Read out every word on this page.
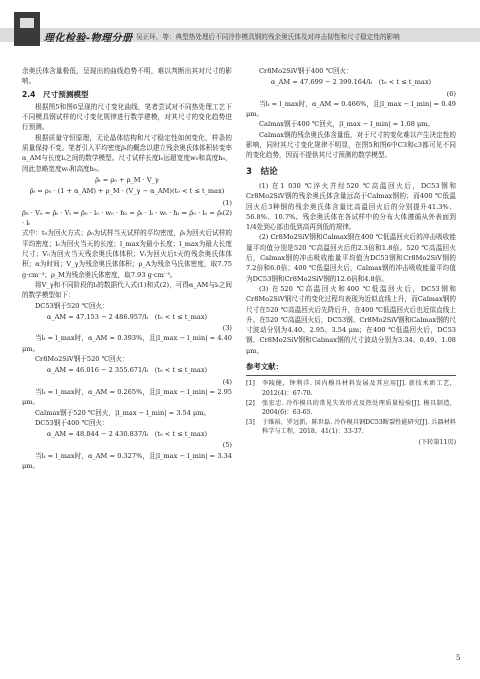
理化检验-物理分册 吴正环，等：典型热处理后不同冷作模具钢的残余奥氏体及对冲击韧性和尺寸稳定性的影响

余奥氏体含量极低，呈现出的曲线趋势不明，难以判断出其对尺寸的影响。

2.4　尺寸预测模型

根据图5和图6呈现的尺寸变化曲线，笔者尝试对不同热处理工艺下不同模具钢试样的尺寸变化规律进行数学建模，对其尺寸的变化趋势进行预测。

根据质量守恒原理，无论晶体结构和尺寸稳定性如何变化，样条的质量保持不变。笔者引入平均密度ρ̄ₜ的概念以建立残余奥氏体体积转变率α_AM与长度lₜ之间的数学模型。尺寸试样长度l₀远超宽度w₀和高度h₀，因此忽略宽度w₀和高度h₀。

ρ̄ₜ = ρ₀ + ρ_M · V_γ
ρ̄ₜ = ρ₀ · (1 + α_AM) + ρ_M · (V_γ − α_AM)(t₀ < t ≤ t_max)
(1)
ρ̄₀ · V₀ = ρ̄ₜ · Vₜ ⇒ ρ̄₀ · l₀ · w₀ · h₀ = ρ̄ₜ · lₜ · wₜ · hₜ ⇒ ρ̄₀ · l₀ = ρ̄ₜ · lₜ
(2)

式中：t₀为回火方式；ρ̄₀为试样当天试样的平均密度，ρ̄ₜ为回火后试样的平均密度；l₀为回火当天的长度；l_max为最小长度；l_max为最大长度尺寸；V₀为回火当天残余奥氏体体积；Vₜ为回火后t天的残余奥氏体体积；α为时间；V_γ为残余奥氏体体积；ρ_A为残余马氏体密度，取7.75 g·cm⁻³；ρ_M为残余奥氏体密度，取7.93 g·cm⁻³。

将V_γ和不同阶段的lₜ的数据代入式(1)和式(2)，可得α_AM与lₜ之间的数学模型如下：

DC53钢于520 ℃回火：

α_AM = 47.153 − 2 486.957/lₜ　(t₀ < t ≤ t_max)
(3)

当lₜ = l_max时，α_AM = 0.393%，且|l_max − l_min| = 4.40 μm。

Cr8Mo2SiV钢于520 ℃回火：

α_AM = 46.016 − 2 355.671/lₜ　(t₀ < t ≤ t_max)
(4)

当lₜ = l_max时，α_AM = 0.265%，且|l_max − l_min| = 2.95 μm。

Calmax钢于520 ℃回火，|l_max − l_min| = 3.54 μm。

DC53钢于400 ℃回火：

α_AM = 48.844 − 2 430.837/lₜ　(t₀ < t ≤ t_max)
(5)

当lₜ = l_max时，α_AM = 0.327%，且|l_max − l_min| = 3.34 μm。

Cr8Mo2SiV钢于400 ℃回火：

α_AM = 47.699 − 2 399.164/lₜ　(t₀ < t ≤ t_max)
(6)

当lₜ = l_max时，α_AM = 0.466%，且|l_max − l_min| = 0.49 μm。

Calmax钢于400 ℃回火，|l_max − l_min| = 1.08 μm。

Calmax钢的残余奥氏体含量低，对于尺寸的变化难以产生决定性的影响，同时其尺寸变化规律不明显，在图5和图6中C3和c3都可见不同的变化趋势，因而不提供其尺寸预测的数学模型。

3　结论

(1) 在1 030 ℃淬火并经520 ℃高温回火后，DC53钢和Cr8Mo2SiV钢的残余奥氏体含量远高于Calmax钢的；而400 ℃低温回火后3种钢的残余奥氏体含量比高温回火后的分别提升41.3%、56.8%、10.7%。残余奥氏体在各试样中的分布大体遵循从外表面到1/4处到心部由低到高再到低的规律。

(2) Cr8Mo2SiV钢和Calmax钢在400 ℃低温回火后的冲击吸收能量平均值分别是520 ℃高温回火后的2.3倍和1.8倍。520 ℃高温回火后，Calmax钢的冲击吸收能量平均值为DC53钢和Cr8Mo2SiV钢的7.2倍和6.0倍；400 ℃低温回火后，Calmax钢的冲击吸收能量平均值为DC53钢和Cr8Mo2SiV钢的12.6倍和4.8倍。

(3) 在520 ℃高温回火和400 ℃低温回火后，DC53钢和Cr8Mo2SiV钢尺寸的变化过程均表现为近似直线上升，而Calmax钢的尺寸在520 ℃高温回火后先降后升，在400 ℃低温回火后也近似直线上升。在520 ℃高温回火后，DC53钢、Cr8Mo2SiV钢和Calmax钢的尺寸波动分别为4.40、2.95、3.54 μm；在400 ℃低温回火后，DC53钢、Cr8Mo2SiV钢和Calmax钢的尺寸波动分别为3.34、0.49、1.08 μm。

参考文献：
[1]	李陵健，钟利洋. 国内模具材料发展及其应用[J]. 新技术新工艺，2012(4)：67-70.
[2]	张宏忠. 冷作模具的常见失效形式及热处理质量检验[J]. 模具制造，2004(6)：63-65.
[3]	于维裕，罗远新，陈世磊. 冷作模具钢DC53断裂性能研究[J]. 兵器材料科学与工程，2018，41(1)：33-37.
(下转第11页)
5
